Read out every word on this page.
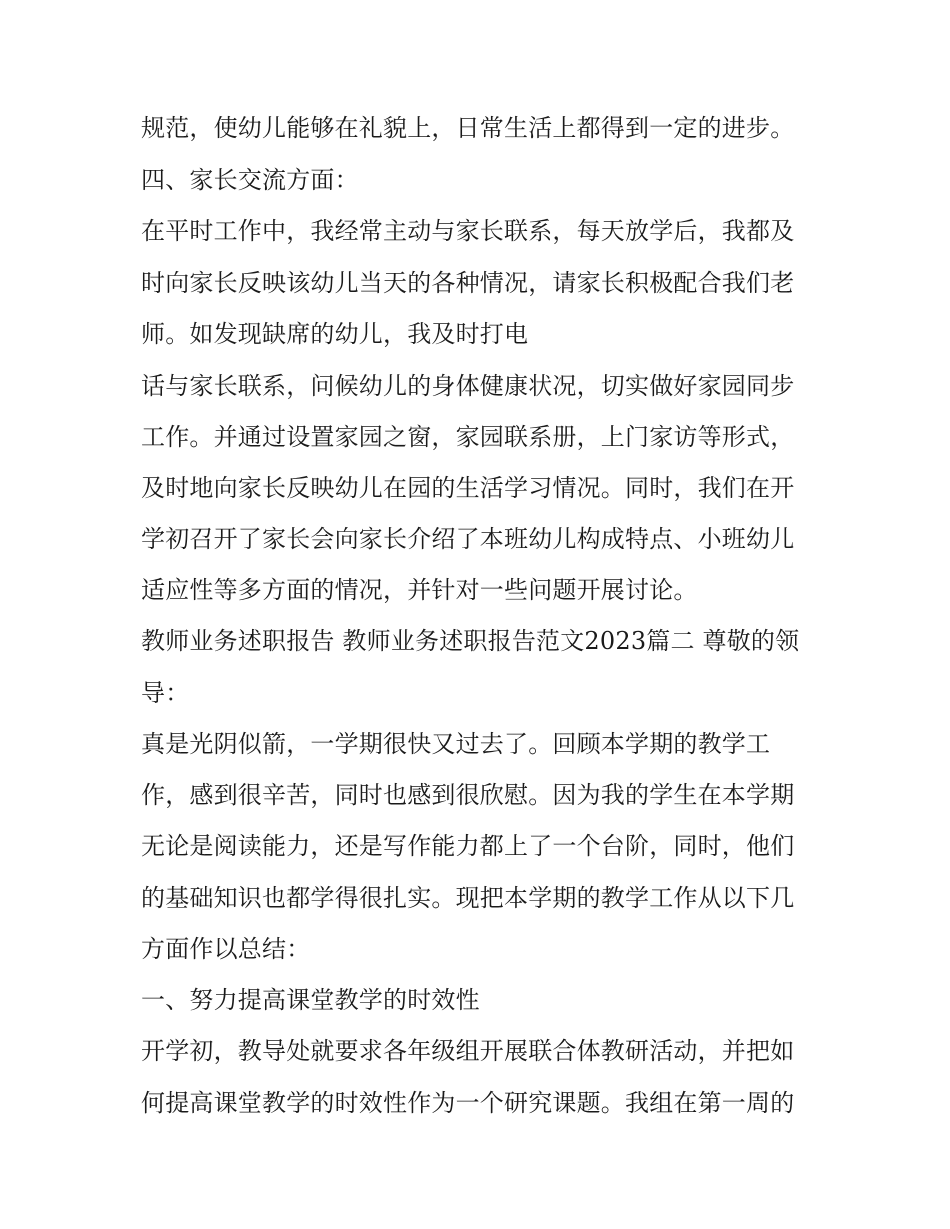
规范，使幼儿能够在礼貌上，日常生活上都得到一定的进步。
四、家长交流方面：
在平时工作中，我经常主动与家长联系，每天放学后，我都及
时向家长反映该幼儿当天的各种情况，请家长积极配合我们老
师。如发现缺席的幼儿，我及时打电
话与家长联系，问候幼儿的身体健康状况，切实做好家园同步
工作。并通过设置家园之窗，家园联系册，上门家访等形式，
及时地向家长反映幼儿在园的生活学习情况。同时，我们在开
学初召开了家长会向家长介绍了本班幼儿构成特点、小班幼儿
适应性等多方面的情况，并针对一些问题开展讨论。
教师业务述职报告 教师业务述职报告范文2023篇二 尊敬的领
导：
真是光阴似箭，一学期很快又过去了。回顾本学期的教学工
作，感到很辛苦，同时也感到很欣慰。因为我的学生在本学期
无论是阅读能力，还是写作能力都上了一个台阶，同时，他们
的基础知识也都学得很扎实。现把本学期的教学工作从以下几
方面作以总结：
一、努力提高课堂教学的时效性
开学初，教导处就要求各年级组开展联合体教研活动，并把如
何提高课堂教学的时效性作为一个研究课题。我组在第一周的
